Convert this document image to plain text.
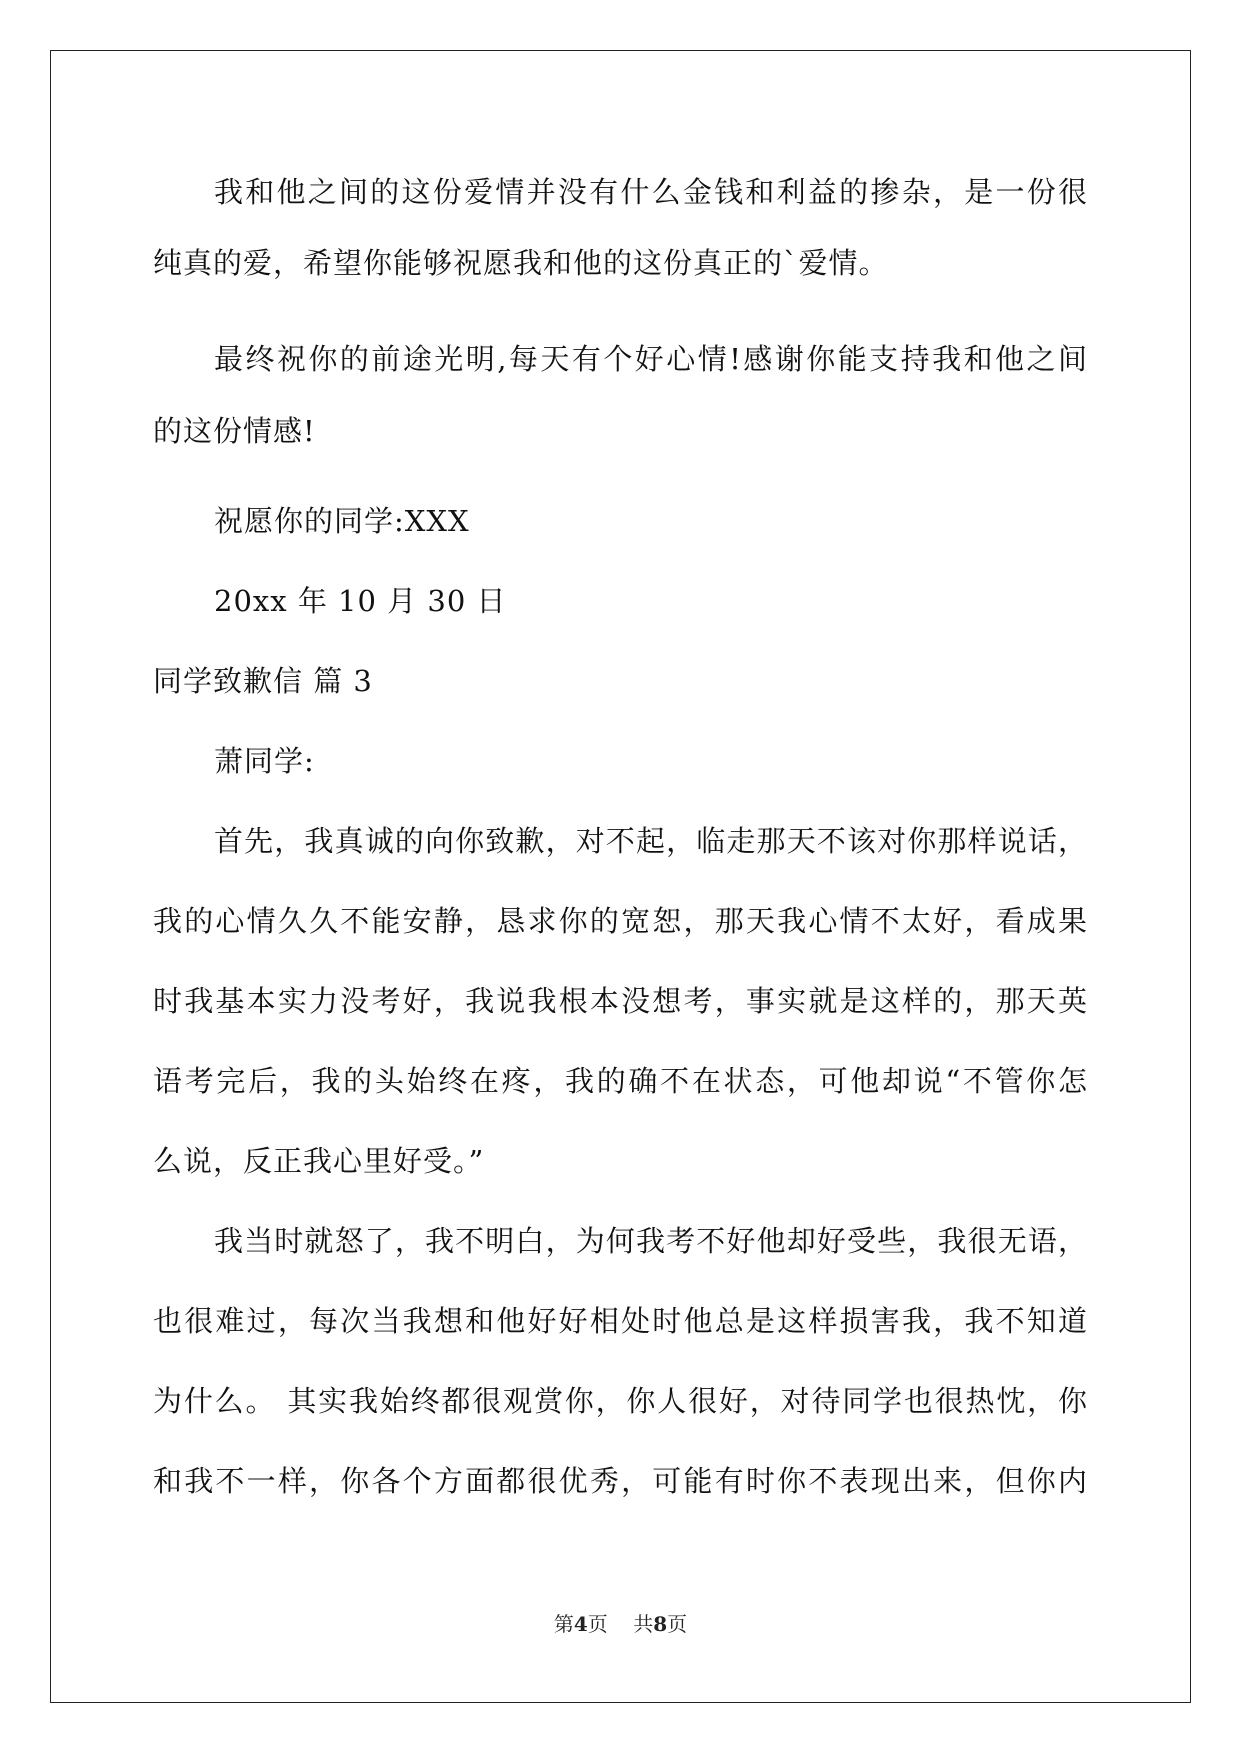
我和他之间的这份爱情并没有什么金钱和利益的掺杂，是一份很
纯真的爱，希望你能够祝愿我和他的这份真正的`爱情。
最终祝你的前途光明,每天有个好心情!感谢你能支持我和他之间
的这份情感!
祝愿你的同学:XXX
20xx 年 10 月 30 日
同学致歉信 篇 3
萧同学:
首先，我真诚的向你致歉，对不起，临走那天不该对你那样说话，
我的心情久久不能安静，恳求你的宽恕，那天我心情不太好，看成果
时我基本实力没考好，我说我根本没想考，事实就是这样的，那天英
语考完后，我的头始终在疼，我的确不在状态，可他却说“不管你怎
么说，反正我心里好受。”
我当时就怒了，我不明白，为何我考不好他却好受些，我很无语，
也很难过，每次当我想和他好好相处时他总是这样损害我，我不知道
为什么。 其实我始终都很观赏你，你人很好，对待同学也很热忱，你
和我不一样，你各个方面都很优秀，可能有时你不表现出来，但你内
第4页 共8页
